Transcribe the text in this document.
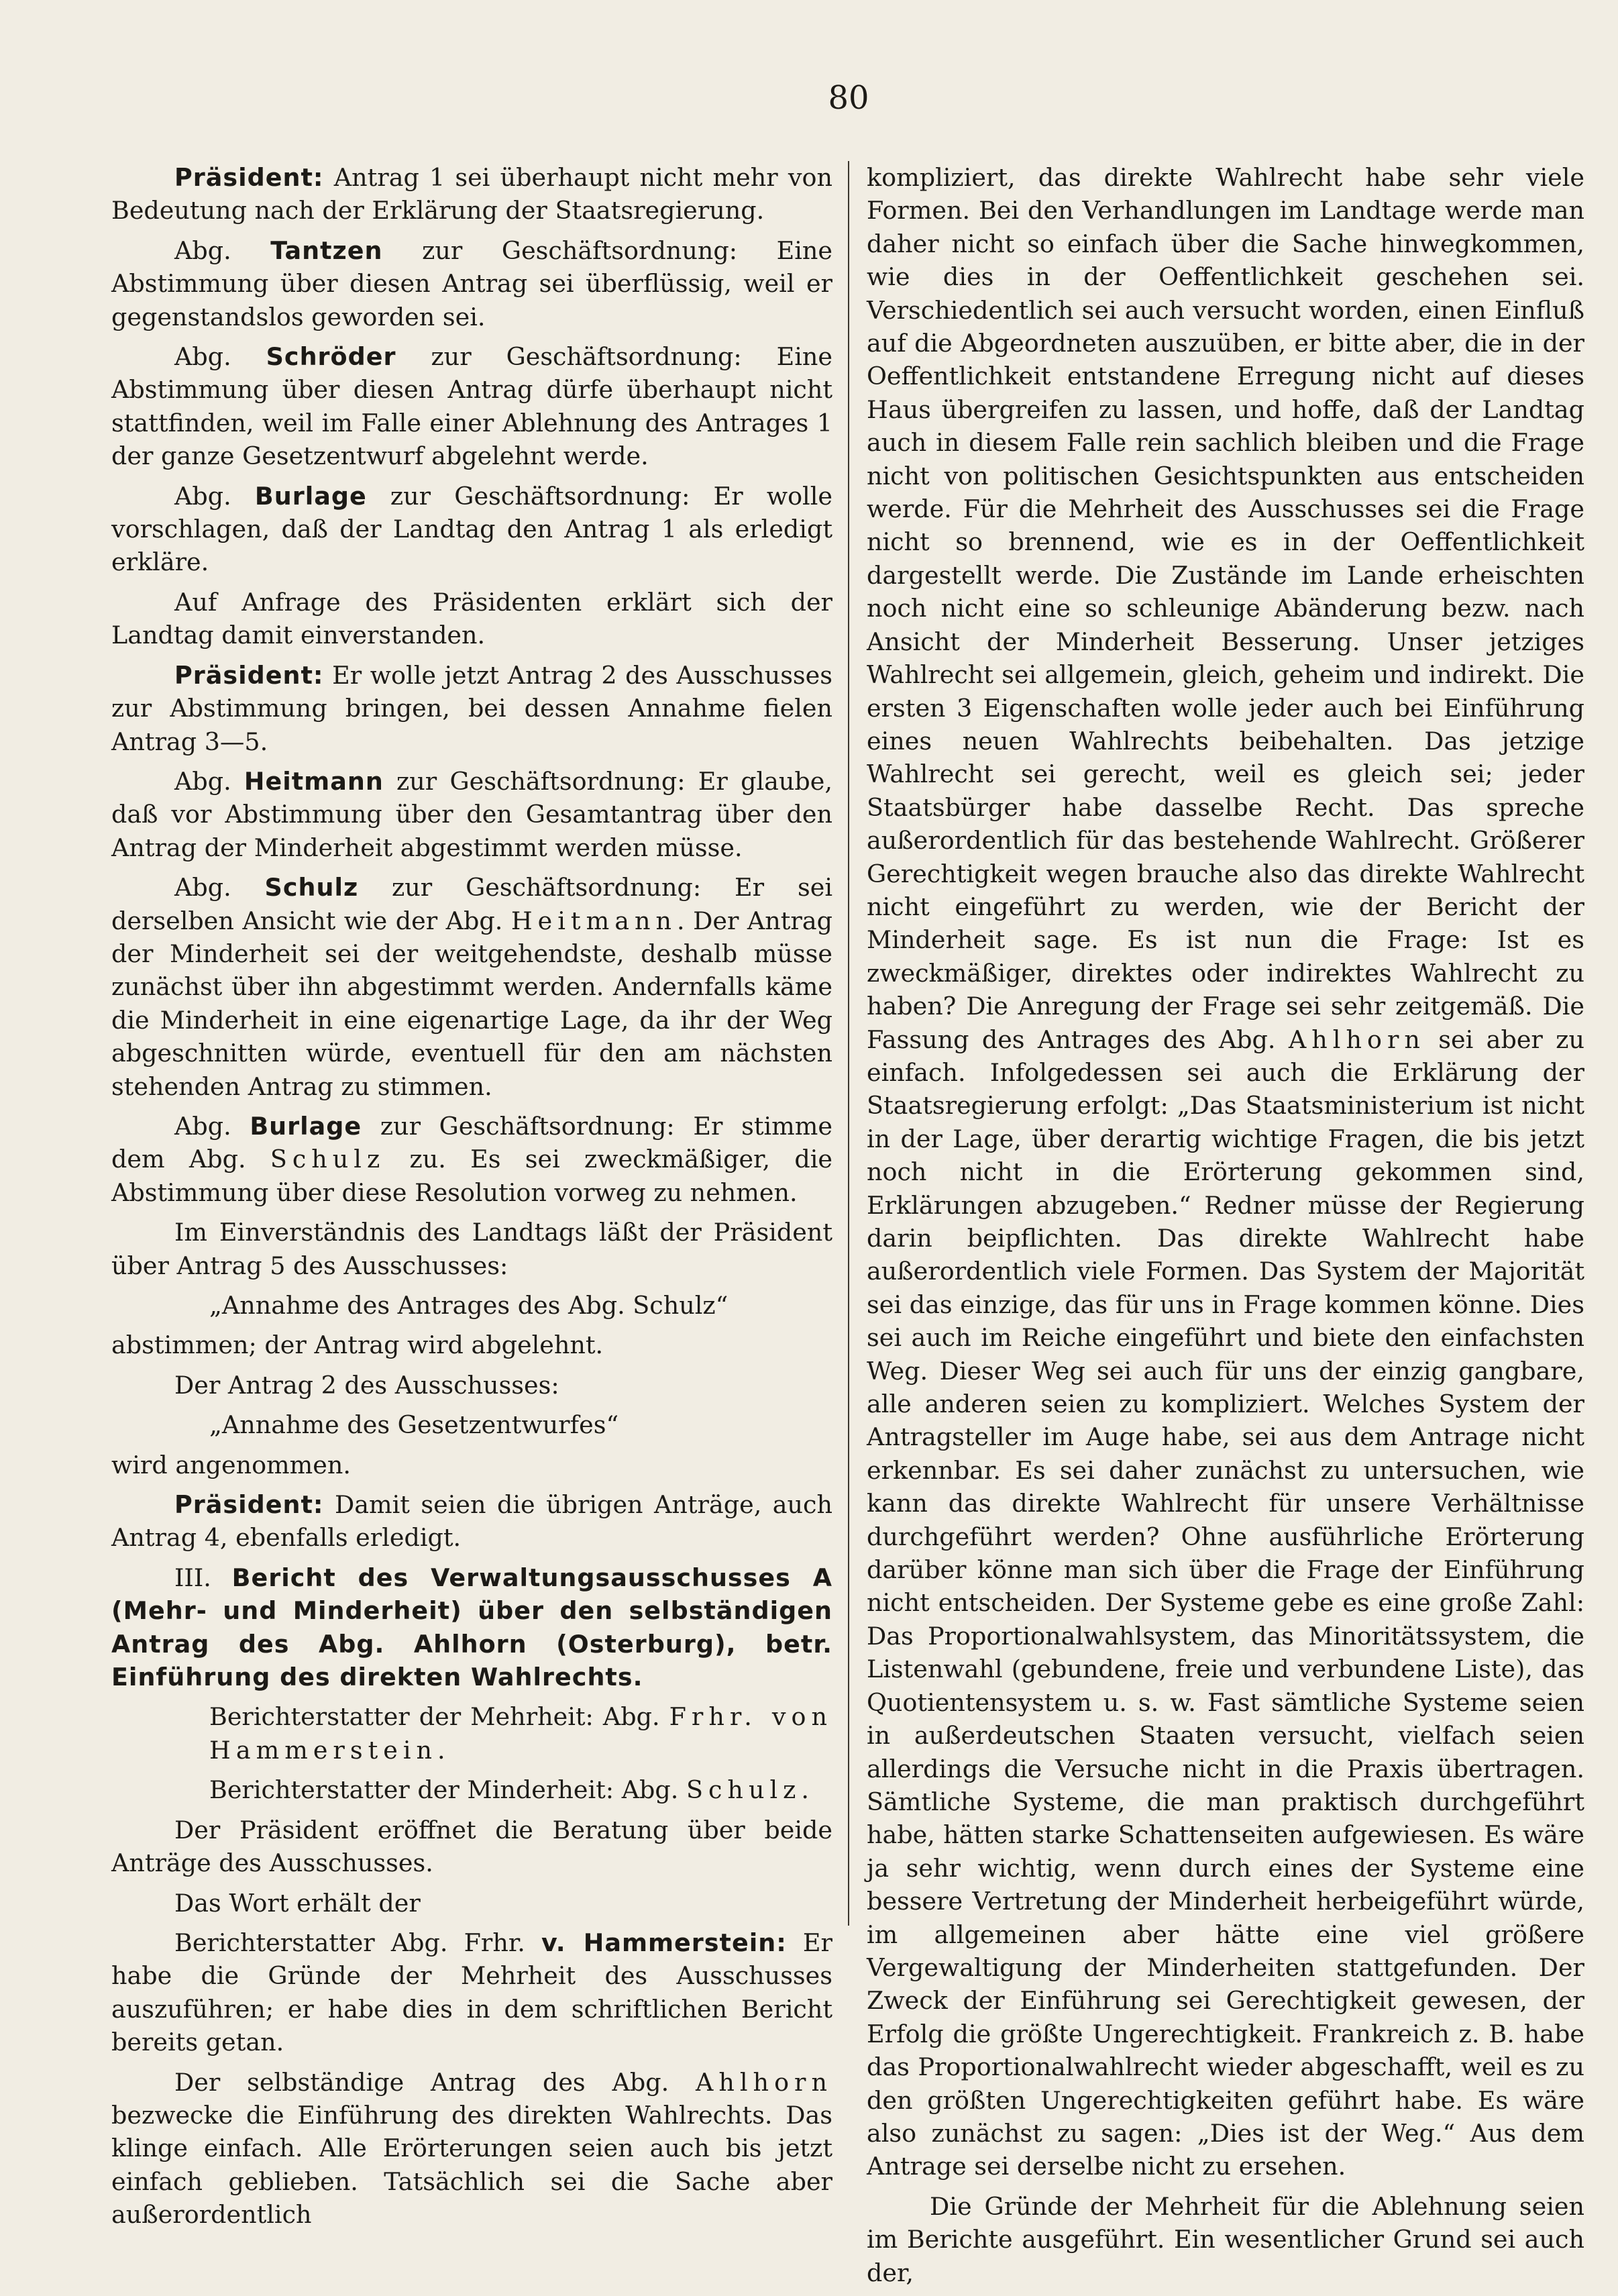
80

Präsident: Antrag 1 sei überhaupt nicht mehr von Bedeutung nach der Erklärung der Staatsregierung.

Abg. Tantzen zur Geschäftsordnung: Eine Abstimmung über diesen Antrag sei überflüssig, weil er gegenstandslos geworden sei.

Abg. Schröder zur Geschäftsordnung: Eine Abstimmung über diesen Antrag dürfe überhaupt nicht stattfinden, weil im Falle einer Ablehnung des Antrages 1 der ganze Gesetzentwurf abgelehnt werde.

Abg. Burlage zur Geschäftsordnung: Er wolle vorschlagen, daß der Landtag den Antrag 1 als erledigt erkläre.

Auf Anfrage des Präsidenten erklärt sich der Landtag damit einverstanden.

Präsident: Er wolle jetzt Antrag 2 des Ausschusses zur Abstimmung bringen, bei dessen Annahme fielen Antrag 3—5.

Abg. Heitmann zur Geschäftsordnung: Er glaube, daß vor Abstimmung über den Gesamtantrag über den Antrag der Minderheit abgestimmt werden müsse.

Abg. Schulz zur Geschäftsordnung: Er sei derselben Ansicht wie der Abg. Heitmann. Der Antrag der Minderheit sei der weitgehendste, deshalb müsse zunächst über ihn abgestimmt werden. Andernfalls käme die Minderheit in eine eigenartige Lage, da ihr der Weg abgeschnitten würde, eventuell für den am nächsten stehenden Antrag zu stimmen.

Abg. Burlage zur Geschäftsordnung: Er stimme dem Abg. Schulz zu. Es sei zweckmäßiger, die Abstimmung über diese Resolution vorweg zu nehmen.

Im Einverständnis des Landtags läßt der Präsident über Antrag 5 des Ausschusses:

„Annahme des Antrages des Abg. Schulz“

abstimmen; der Antrag wird abgelehnt.

Der Antrag 2 des Ausschusses:

„Annahme des Gesetzentwurfes“

wird angenommen.

Präsident: Damit seien die übrigen Anträge, auch Antrag 4, ebenfalls erledigt.

III. Bericht des Verwaltungsausschusses A (Mehr- und Minderheit) über den selbständigen Antrag des Abg. Ahlhorn (Osterburg), betr. Einführung des direkten Wahlrechts.

Berichterstatter der Mehrheit: Abg. Frhr. von Hammerstein.

Berichterstatter der Minderheit: Abg. Schulz.

Der Präsident eröffnet die Beratung über beide Anträge des Ausschusses.

Das Wort erhält der

Berichterstatter Abg. Frhr. v. Hammerstein: Er habe die Gründe der Mehrheit des Ausschusses auszuführen; er habe dies in dem schriftlichen Bericht bereits getan.

Der selbständige Antrag des Abg. Ahlhorn bezwecke die Einführung des direkten Wahlrechts. Das klinge einfach. Alle Erörterungen seien auch bis jetzt einfach geblieben. Tatsächlich sei die Sache aber außerordentlich

kompliziert, das direkte Wahlrecht habe sehr viele Formen. Bei den Verhandlungen im Landtage werde man daher nicht so einfach über die Sache hinwegkommen, wie dies in der Oeffentlichkeit geschehen sei. Verschiedentlich sei auch versucht worden, einen Einfluß auf die Abgeordneten auszuüben, er bitte aber, die in der Oeffentlichkeit entstandene Erregung nicht auf dieses Haus übergreifen zu lassen, und hoffe, daß der Landtag auch in diesem Falle rein sachlich bleiben und die Frage nicht von politischen Gesichtspunkten aus entscheiden werde. Für die Mehrheit des Ausschusses sei die Frage nicht so brennend, wie es in der Oeffentlichkeit dargestellt werde. Die Zustände im Lande erheischten noch nicht eine so schleunige Abänderung bezw. nach Ansicht der Minderheit Besserung. Unser jetziges Wahlrecht sei allgemein, gleich, geheim und indirekt. Die ersten 3 Eigenschaften wolle jeder auch bei Einführung eines neuen Wahlrechts beibehalten. Das jetzige Wahlrecht sei gerecht, weil es gleich sei; jeder Staatsbürger habe dasselbe Recht. Das spreche außerordentlich für das bestehende Wahlrecht. Größerer Gerechtigkeit wegen brauche also das direkte Wahlrecht nicht eingeführt zu werden, wie der Bericht der Minderheit sage. Es ist nun die Frage: Ist es zweckmäßiger, direktes oder indirektes Wahlrecht zu haben? Die Anregung der Frage sei sehr zeitgemäß. Die Fassung des Antrages des Abg. Ahlhorn sei aber zu einfach. Infolgedessen sei auch die Erklärung der Staatsregierung erfolgt: „Das Staatsministerium ist nicht in der Lage, über derartig wichtige Fragen, die bis jetzt noch nicht in die Erörterung gekommen sind, Erklärungen abzugeben.“ Redner müsse der Regierung darin beipflichten. Das direkte Wahlrecht habe außerordentlich viele Formen. Das System der Majorität sei das einzige, das für uns in Frage kommen könne. Dies sei auch im Reiche eingeführt und biete den einfachsten Weg. Dieser Weg sei auch für uns der einzig gangbare, alle anderen seien zu kompliziert. Welches System der Antragsteller im Auge habe, sei aus dem Antrage nicht erkennbar. Es sei daher zunächst zu untersuchen, wie kann das direkte Wahlrecht für unsere Verhältnisse durchgeführt werden? Ohne ausführliche Erörterung darüber könne man sich über die Frage der Einführung nicht entscheiden. Der Systeme gebe es eine große Zahl: Das Proportionalwahlsystem, das Minoritätssystem, die Listenwahl (gebundene, freie und verbundene Liste), das Quotientensystem u. s. w. Fast sämtliche Systeme seien in außerdeutschen Staaten versucht, vielfach seien allerdings die Versuche nicht in die Praxis übertragen. Sämtliche Systeme, die man praktisch durchgeführt habe, hätten starke Schattenseiten aufgewiesen. Es wäre ja sehr wichtig, wenn durch eines der Systeme eine bessere Vertretung der Minderheit herbeigeführt würde, im allgemeinen aber hätte eine viel größere Vergewaltigung der Minderheiten stattgefunden. Der Zweck der Einführung sei Gerechtigkeit gewesen, der Erfolg die größte Ungerechtigkeit. Frankreich z. B. habe das Proportionalwahlrecht wieder abgeschafft, weil es zu den größten Ungerechtigkeiten geführt habe. Es wäre also zunächst zu sagen: „Dies ist der Weg.“ Aus dem Antrage sei derselbe nicht zu ersehen.

Die Gründe der Mehrheit für die Ablehnung seien im Berichte ausgeführt. Ein wesentlicher Grund sei auch der,
